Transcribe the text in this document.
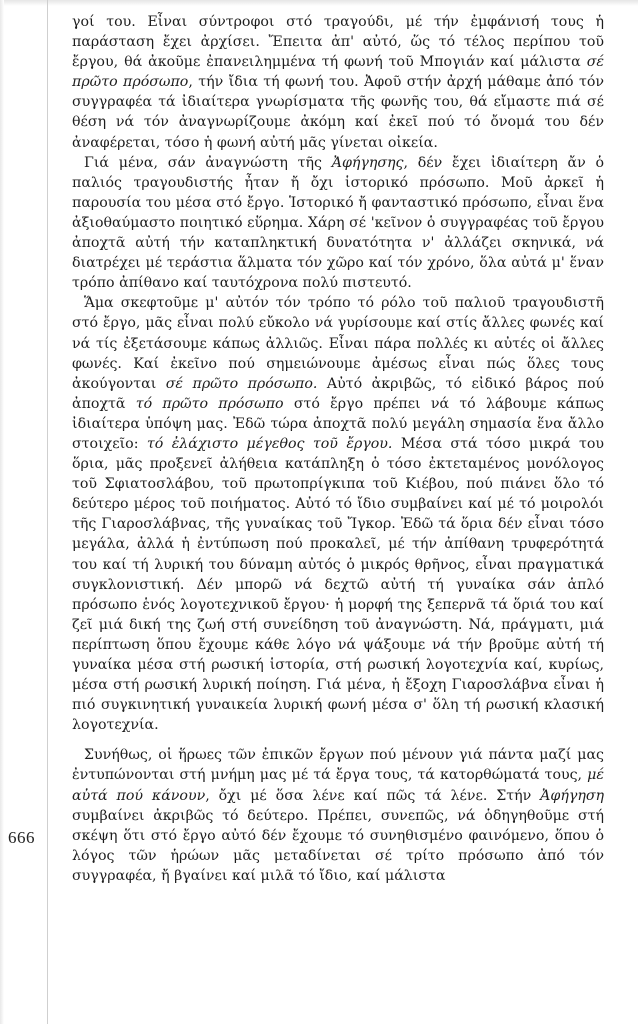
666

γοί του. Εἶναι σύντροφοι στό τραγούδι, μέ τήν ἐμφάνισή τους ἡ παράσταση ἔχει ἀρχίσει. Ἔπειτα ἀπ' αὐτό, ὥς τό τέλος περίπου τοῦ ἔργου, θά ἀκοῦμε ἐπανειλημμένα τή φωνή τοῦ Μπογιάν καί μάλιστα σέ πρῶτο πρόσωπο, τήν ἴδια τή φωνή του. Ἀφοῦ στήν ἀρχή μάθαμε ἀπό τόν συγγραφέα τά ἰδιαίτερα γνωρίσματα τῆς φωνῆς του, θά εἴμαστε πιά σέ θέση νά τόν ἀναγνωρίζουμε ἀκόμη καί ἐκεῖ πού τό ὄνομά του δέν ἀναφέρεται, τόσο ἡ φωνή αὐτή μᾶς γίνεται οἰκεία.

Γιά μένα, σάν ἀναγνώστη τῆς Ἀφήγησης, δέν ἔχει ἰδιαίτερη ἄν ὁ παλιός τραγουδιστής ἦταν ἤ ὄχι ἱστορικό πρόσωπο. Μοῦ ἀρκεῖ ἡ παρουσία του μέσα στό ἔργο. Ἱστορικό ἤ φανταστικό πρόσωπο, εἶναι ἕνα ἀξιοθαύμαστο ποιητικό εὕρημα. Χάρη σέ 'κεῖνον ὁ συγγραφέας τοῦ ἔργου ἀποχτᾶ αὐτή τήν καταπληκτική δυνατότητα ν' ἀλλάζει σκηνικά, νά διατρέχει μέ τεράστια ἅλματα τόν χῶρο καί τόν χρόνο, ὅλα αὐτά μ' ἕναν τρόπο ἀπίθανο καί ταυτόχρονα πολύ πιστευτό.

Ἅμα σκεφτοῦμε μ' αὐτόν τόν τρόπο τό ρόλο τοῦ παλιοῦ τραγουδιστῆ στό ἔργο, μᾶς εἶναι πολύ εὔκολο νά γυρίσουμε καί στίς ἄλλες φωνές καί νά τίς ἐξετάσουμε κάπως ἀλλιῶς. Εἶναι πάρα πολλές κι αὐτές οἱ ἄλλες φωνές. Καί ἐκεῖνο πού σημειώνουμε ἀμέσως εἶναι πώς ὅλες τους ἀκούγονται σέ πρῶτο πρόσωπο. Αὐτό ἀκριβῶς, τό εἰδικό βάρος πού ἀποχτᾶ τό πρῶτο πρόσωπο στό ἔργο πρέπει νά τό λάβουμε κάπως ἰδιαίτερα ὑπόψη μας. Ἐδῶ τώρα ἀποχτᾶ πολύ μεγάλη σημασία ἕνα ἄλλο στοιχεῖο: τό ἐλάχιστο μέγεθος τοῦ ἔργου. Μέσα στά τόσο μικρά του ὅρια, μᾶς προξενεῖ ἀλήθεια κατάπληξη ὁ τόσο ἐκτεταμένος μονόλογος τοῦ Σφιατοσλάβου, τοῦ πρωτοπρίγκιπα τοῦ Κιέβου, πού πιάνει ὅλο τό δεύτερο μέρος τοῦ ποιήματος. Αὐτό τό ἴδιο συμβαίνει καί μέ τό μοιρολόι τῆς Γιαροσλάβνας, τῆς γυναίκας τοῦ Ἴγκορ. Ἐδῶ τά ὅρια δέν εἶναι τόσο μεγάλα, ἀλλά ἡ ἐντύπωση πού προκαλεῖ, μέ τήν ἀπίθανη τρυφερότητά του καί τή λυρική του δύναμη αὐτός ὁ μικρός θρῆνος, εἶναι πραγματικά συγκλονιστική. Δέν μπορῶ νά δεχτῶ αὐτή τή γυναίκα σάν ἁπλό πρόσωπο ἑνός λογοτεχνικοῦ ἔργου· ἡ μορφή της ξεπερνᾶ τά ὅριά του καί ζεῖ μιά δική της ζωή στή συνείδηση τοῦ ἀναγνώστη. Νά, πράγματι, μιά περίπτωση ὅπου ἔχουμε κάθε λόγο νά ψάξουμε νά τήν βροῦμε αὐτή τή γυναίκα μέσα στή ρωσική ἱστορία, στή ρωσική λογοτεχνία καί, κυρίως, μέσα στή ρωσική λυρική ποίηση. Γιά μένα, ἡ ἔξοχη Γιαροσλάβνα εἶναι ἡ πιό συγκινητική γυναικεία λυρική φωνή μέσα σ' ὅλη τή ρωσική κλασική λογοτεχνία.

Συνήθως, οἱ ἥρωες τῶν ἐπικῶν ἔργων πού μένουν γιά πάντα μαζί μας ἐντυπώνονται στή μνήμη μας μέ τά ἔργα τους, τά κατορθώματά τους, μέ αὐτά πού κάνουν, ὄχι μέ ὅσα λένε καί πῶς τά λένε. Στήν Ἀφήγηση συμβαίνει ἀκριβῶς τό δεύτερο. Πρέπει, συνεπῶς, νά ὁδηγηθοῦμε στή σκέψη ὅτι στό ἔργο αὐτό δέν ἔχουμε τό συνηθισμένο φαινόμενο, ὅπου ὁ λόγος τῶν ἡρώων μᾶς μεταδίνεται σέ τρίτο πρόσωπο ἀπό τόν συγγραφέα, ἤ βγαίνει καί μιλᾶ τό ἴδιο, καί μάλιστα
